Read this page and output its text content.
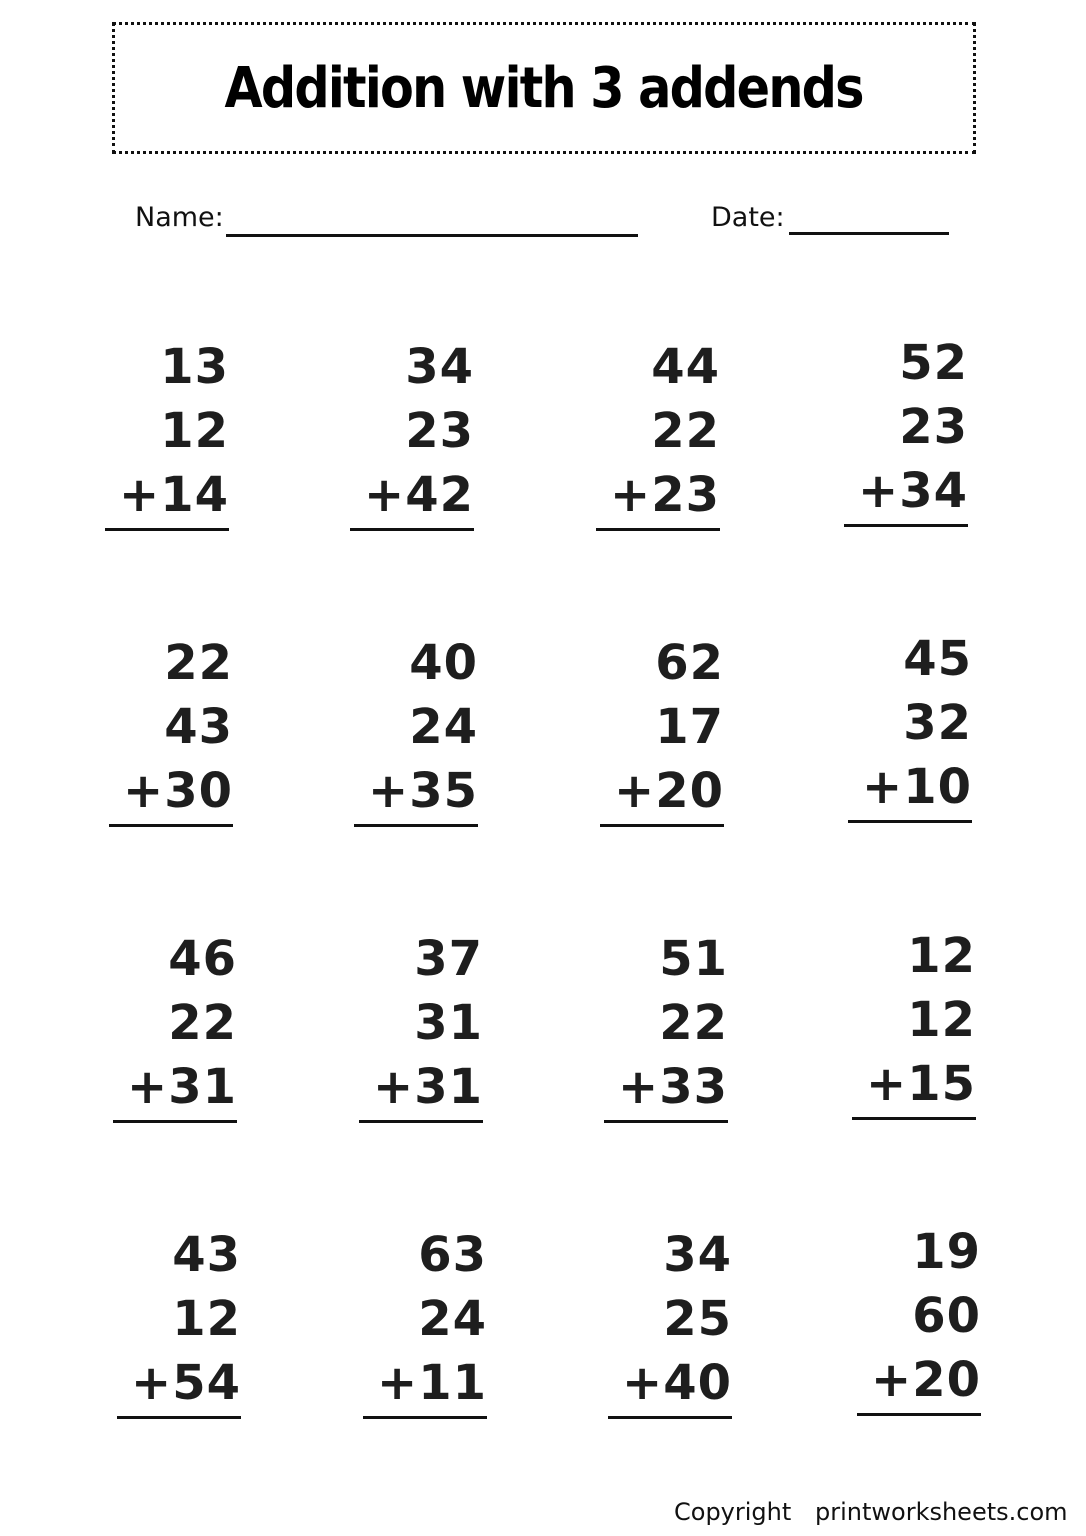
Addition with 3 addends
Name:	Date:
13
12
+14
34
23
+42
44
22
+23
52
23
+34
22
43
+30
40
24
+35
62
17
+20
45
32
+10
46
22
+31
37
31
+31
51
22
+33
12
12
+15
43
12
+54
63
24
+11
34
25
+40
19
60
+20
Copyright printworksheets.com
